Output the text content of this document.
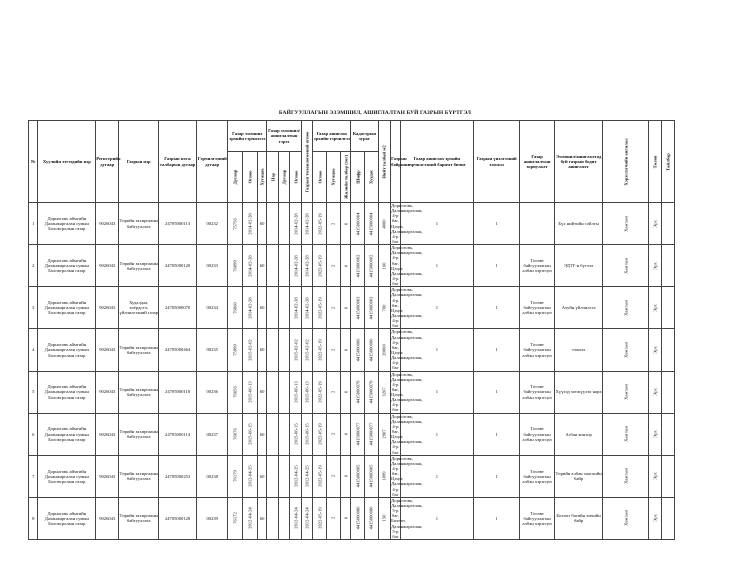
БАЙГУУЛЛАГЫН ЭЗЭМШИЛ, АШИГЛАЛТАН БУЙ ГАЗРЫН БҮРТГЭЛ
№	Хуулийн этгээдийн нэр	Регистрийн дугаар	Газрын нэр	Газрын нэгж талбарын дугаар	Гэрчилгээний дугаар	Газар эзэмших эрхийн гэрчилгээ			Газар эзэмшил/ашиглалтын гэрээ			Газрын төлөвлөгөөний огноо	Газар ашиглах эрхийн гэрчилгээ			Кадастрын зураг		Нийт талбай м2	Газрын байршил	Газар ашиглах эрхийн гэрчилгээний баримт бичиг	Газрын үнэлгээний хэмжээ	Газар ашиглалтын зориулалт	Эзэмшил/ашиглалтад буй газрын бодит ашиглалт	Хэрэглэгчийн ангилал	Төлөв	Тайлбар

						Дугаар	Огноо	Хугацаа	Нэр	Дугаар	Огноо		Огноо	Хугацаа	Жилийн төлбөр (төг)	Шифр	Хуудас									

1	Дорноговь аймгийн Даланжаргалан сумын Боловсролын газар	9026043	Төрийн захиргааны байгууллага	24705000113	00232	75756	2014-02-28	60			2014-02-28	2014-02-28	2022-05-19	2	0	4415000004	4415000004	4000	Дорноговь, Даланжаргалан, 4-р баг, Цэцэг, Даланжаргалан, 4-р баг	1	1		Бүх нийтийн сойлгы	Хамтын	Эрх	

2	Дорноговь аймгийн Даланжаргалан сумын Боловсролын газар	9026043	Төрийн захиргааны байгууллага	24705000120	00233	76099	2014-02-28	60			2014-02-28	2014-02-28	2022-05-19	2	0	4415000002	4415000002	160	Дорноговь, Даланжаргалан, 4-р баг, Цэцэг, Даланжаргалан, 4-р баг	1	1	Төсөвт байгууллагын албан хэрэгцээ	ЭДТГ-н бүтээл	Хамтын	Эрх	

3	Дорноговь аймгийн Даланжаргалан сумын Боловсролын газар	9026043	Худалдаа, хоёрдогч, үйлчилгээний газар	24705000070	00234	76060	2014-02-28	60			2014-02-28	2014-02-28	2022-05-19	2	0	4415000003	4415000003	700	Дорноговь, Даланжаргалан, 4-р баг, Цэцэг, Даланжаргалан, 4-р баг	1	1	Төсөвт байгууллагын албан хэрэгцээ	Ахуйн үйлчилгээ	Хамтын	Эрх	

4	Дорноговь аймгийн Даланжаргалан сумын Боловсролын газар	9026043	Төрийн захиргааны байгууллага	24705000464	00235	75999	2015-02-02	60			2015-02-02	2015-02-02	2022-05-19	2	0	4415000006	4415000006	20000	Дорноговь, Даланжаргалан, 4-р баг, Цэцэг, Даланжаргалан, 4-р баг	1	1	Төсөвт байгууллагын албан хэрэгцээ	тэжээл	Хамтын	Эрх	

5	Дорноговь аймгийн Даланжаргалан сумын Боловсролын газар	9026043	Төрийн захиргааны байгууллага	24705000118	00236	76056	2015-06-13	60			2015-06-13	2015-06-13	2022-05-19	2	0	4415000079	4415000079	3267	Дорноговь, Даланжаргалан, 4-р баг, Цэцэг, Даланжаргалан, 4-р баг	1	1	Төсөвт байгууллагын албан хэрэгцээ	Хүүхэд хөгжүүлэх нарх	Хамтын	Эрх	

6	Дорноговь аймгийн Даланжаргалан сумын Боловсролын газар	9026043	Төрийн захиргааны байгууллага	24705000114	00237	76076	2015-06-15	60			2015-06-15	2015-06-15	2022-05-19	2	0	4415000077	4415000077	2907	Дорноговь, Даланжаргалан, 4-р баг, Цэцэг, Даланжаргалан, 4-р баг	1	1	Төсөвт байгууллагын албан хэрэгцээ	Агбаи контор	Хамтын	Эрх	

7	Дорноговь аймгийн Даланжаргалан сумын Боловсролын газар	9026043	Төрийн захиргааны байгууллага	24705000253	00238	76179	2012-04-25	60			2012-04-25	2012-04-25	2022-05-19	2	0	4415000005	4415000005	1899	Дорноговь, Даланжаргалан, 4-р баг, Цэцэг, Даланжаргалан, 4-р баг	1	1	Төсөвт байгууллагын албан хэрэгцээ	Төрийн албан хаагчийн байр	Хамтын	Эрх	

8	Дорноговь аймгийн Даланжаргалан сумын Боловсролын газар	9026043	Төрийн захиргааны байгууллага	24705000128	00239	76172	2012-04-24	60			2012-04-24	2012-04-24	2022-05-19	2	0	4415000080	4415000080	150	Дорноговь, Даланжаргалан, 5-р баг, Бөхөөт, Даланжаргалан, 5-р баг	1	1	Төсөвт байгууллагын албан хэрэгцээ	Бөхөөт багийн эмчийн байр	Хамтын	Эрх	
